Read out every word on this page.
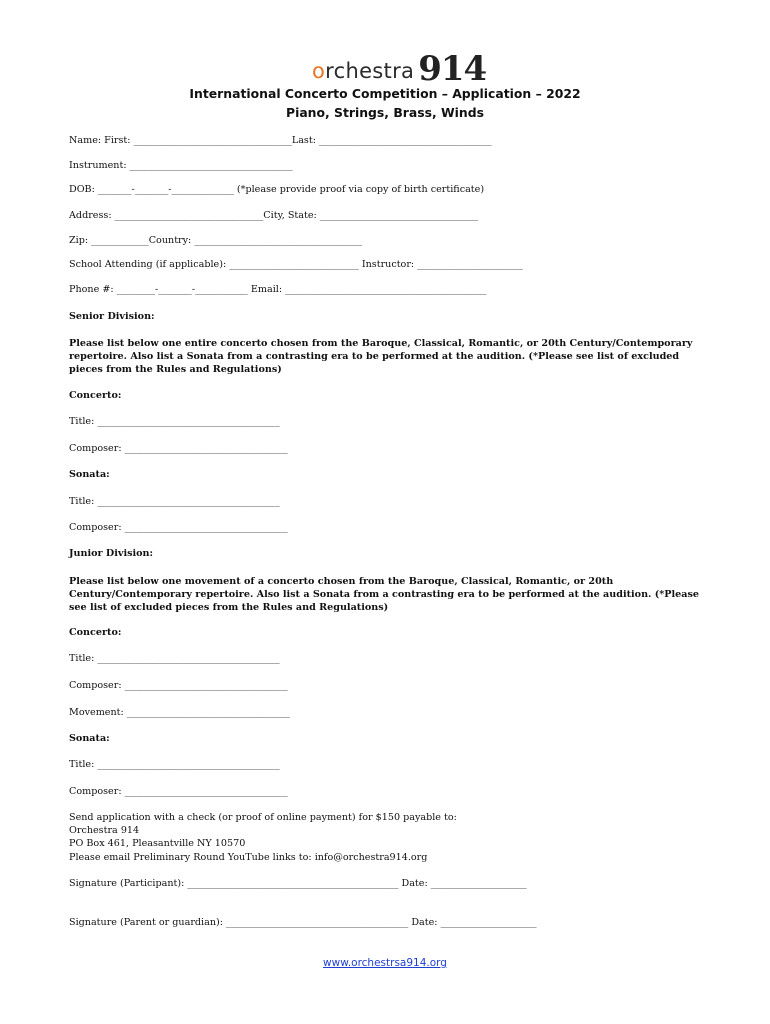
orchestra 914
International Concerto Competition – Application – 2022
Piano, Strings, Brass, Winds
Name: First: _________________________________Last: ____________________________________
Instrument: __________________________________
DOB: _______-_______-_____________ (*please provide proof via copy of birth certificate)
Address: _______________________________City, State: _________________________________
Zip: ____________Country: ___________________________________
School Attending (if applicable): ___________________________ Instructor: ______________________
Phone #: ________-_______-___________ Email: __________________________________________
Senior Division:
Please list below one entire concerto chosen from the Baroque, Classical, Romantic, or 20th Century/Contemporary repertoire. Also list a Sonata from a contrasting era to be performed at the audition. (*Please see list of excluded pieces from the Rules and Regulations)
Concerto:
Title: ______________________________________
Composer: __________________________________
Sonata:
Title: ______________________________________
Composer: __________________________________
Junior Division:
Please list below one movement of a concerto chosen from the Baroque, Classical, Romantic, or 20th Century/Contemporary repertoire. Also list a Sonata from a contrasting era to be performed at the audition. (*Please see list of excluded pieces from the Rules and Regulations)
Concerto:
Title: ______________________________________
Composer: __________________________________
Movement: __________________________________
Sonata:
Title: ______________________________________
Composer: __________________________________
Send application with a check (or proof of online payment) for $150 payable to:
Orchestra 914
PO Box 461, Pleasantville NY 10570
Please email Preliminary Round YouTube links to: info@orchestra914.org
Signature (Participant): ____________________________________________ Date: ____________________
Signature (Parent or guardian): ______________________________________ Date: ____________________
www.orchestrsa914.org
